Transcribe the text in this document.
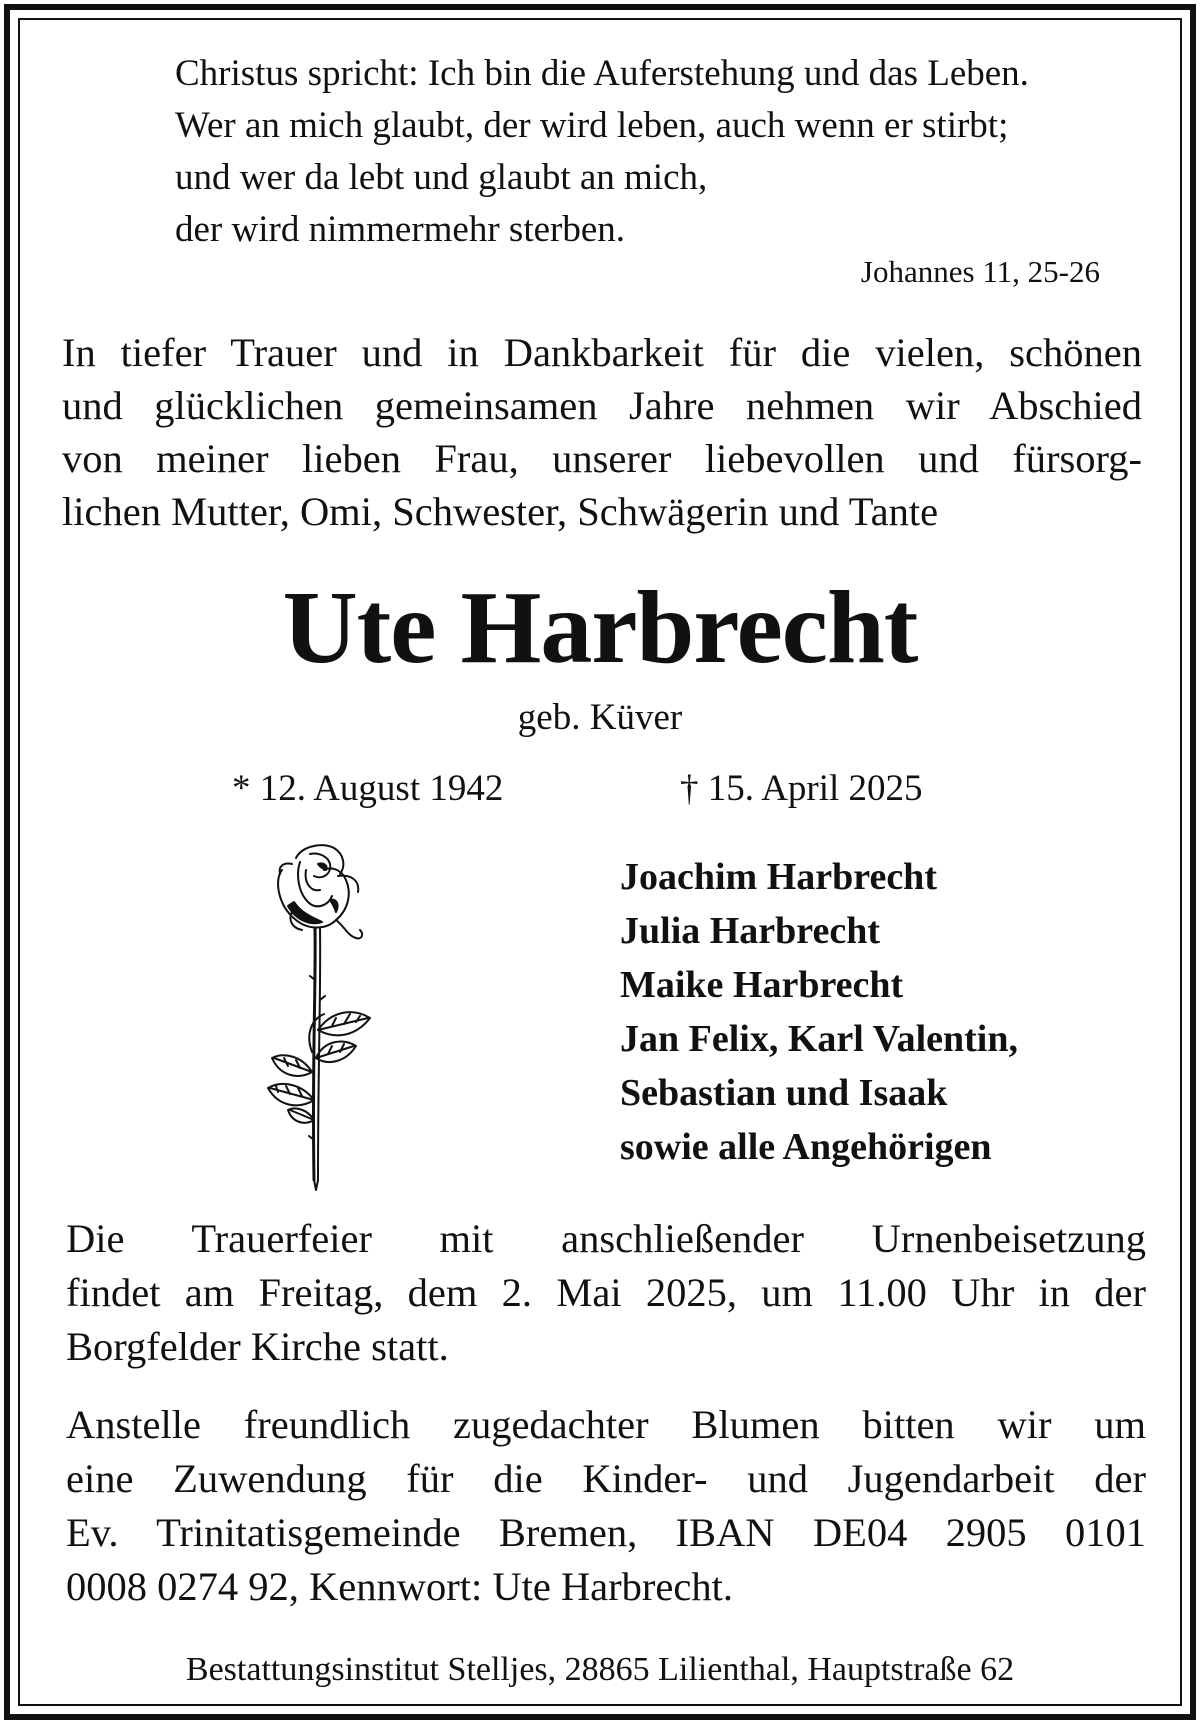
Christus spricht: Ich bin die Auferstehung und das Leben.
Wer an mich glaubt, der wird leben, auch wenn er stirbt;
und wer da lebt und glaubt an mich,
der wird nimmermehr sterben.
Johannes 11, 25-26
In tiefer Trauer und in Dankbarkeit für die vielen, schönen
und glücklichen gemeinsamen Jahre nehmen wir Abschied
von meiner lieben Frau, unserer liebevollen und fürsorg-
lichen Mutter, Omi, Schwester, Schwägerin und Tante
Ute Harbrecht
geb. Küver
* 12. August 1942	† 15. April 2025
Joachim Harbrecht
Julia Harbrecht
Maike Harbrecht
Jan Felix, Karl Valentin,
Sebastian und Isaak
sowie alle Angehörigen
Die Trauerfeier mit anschließender Urnenbeisetzung
findet am Freitag, dem 2. Mai 2025, um 11.00 Uhr in der
Borgfelder Kirche statt.
Anstelle freundlich zugedachter Blumen bitten wir um
eine Zuwendung für die Kinder- und Jugendarbeit der
Ev. Trinitatisgemeinde Bremen, IBAN DE04 2905 0101
0008 0274 92, Kennwort: Ute Harbrecht.
Bestattungsinstitut Stelljes, 28865 Lilienthal, Hauptstraße 62
